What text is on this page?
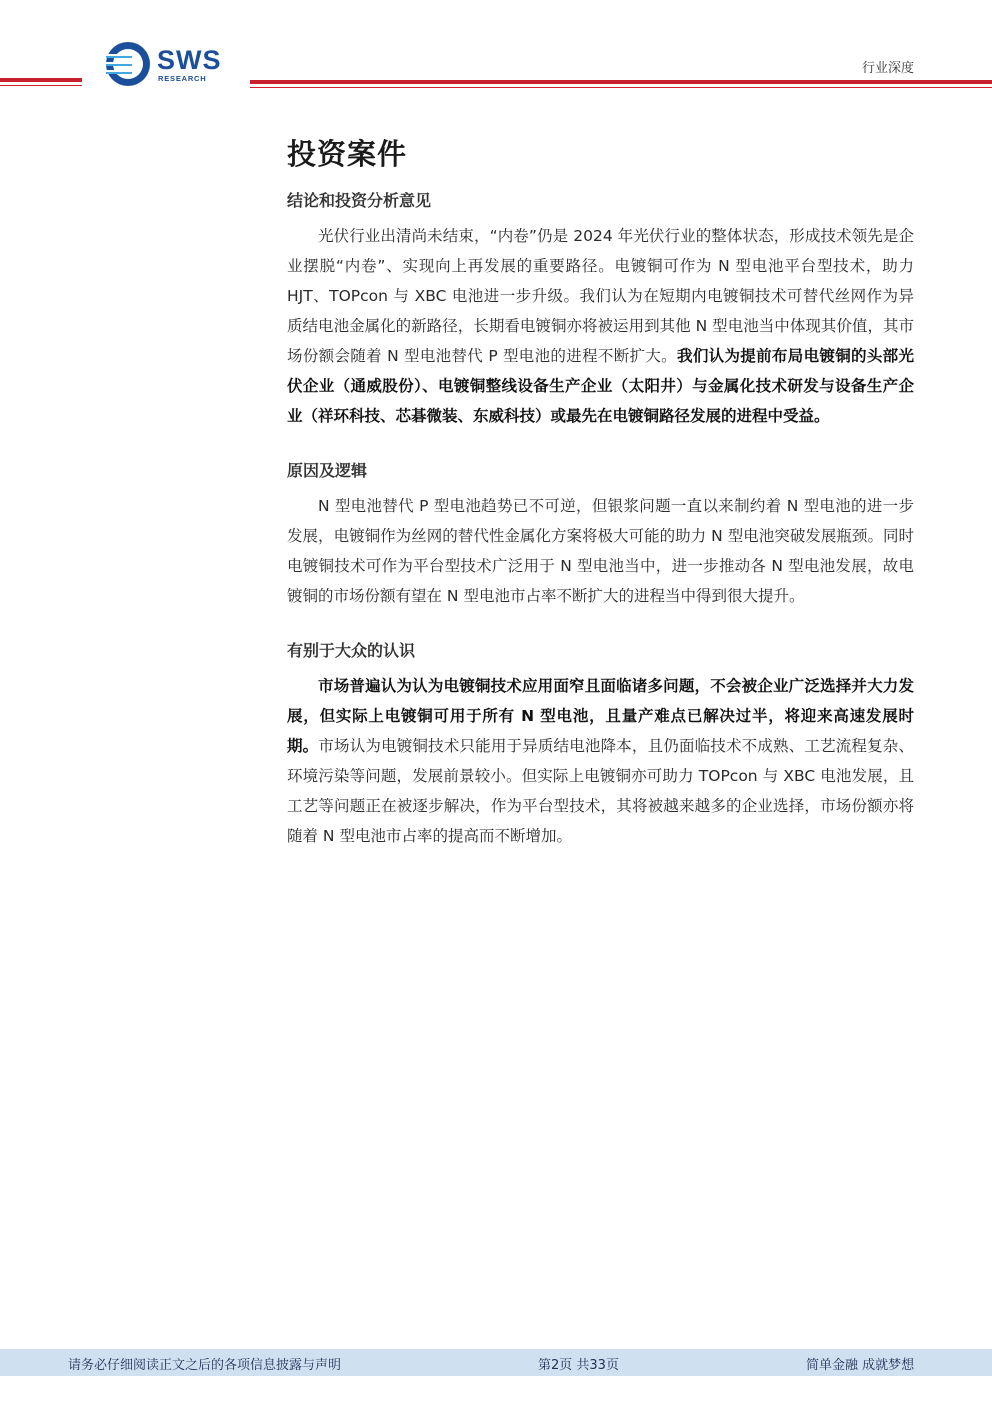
SWS
RESEARCH
行业深度
投资案件
结论和投资分析意见

光伏行业出清尚未结束，“内卷”仍是 2024 年光伏行业的整体状态，形成技术领先是企业摆脱“内卷”、实现向上再发展的重要路径。电镀铜可作为 N 型电池平台型技术，助力 HJT、TOPcon 与 XBC 电池进一步升级。我们认为在短期内电镀铜技术可替代丝网作为异质结电池金属化的新路径，长期看电镀铜亦将被运用到其他 N 型电池当中体现其价值，其市场份额会随着 N 型电池替代 P 型电池的进程不断扩大。我们认为提前布局电镀铜的头部光伏企业（通威股份）、电镀铜整线设备生产企业（太阳井）与金属化技术研发与设备生产企业（祥环科技、芯碁微装、东威科技）或最先在电镀铜路径发展的进程中受益。

原因及逻辑

N 型电池替代 P 型电池趋势已不可逆，但银浆问题一直以来制约着 N 型电池的进一步发展，电镀铜作为丝网的替代性金属化方案将极大可能的助力 N 型电池突破发展瓶颈。同时电镀铜技术可作为平台型技术广泛用于 N 型电池当中，进一步推动各 N 型电池发展，故电镀铜的市场份额有望在 N 型电池市占率不断扩大的进程当中得到很大提升。

有别于大众的认识

市场普遍认为认为电镀铜技术应用面窄且面临诸多问题，不会被企业广泛选择并大力发展，但实际上电镀铜可用于所有 N 型电池，且量产难点已解决过半，将迎来高速发展时期。市场认为电镀铜技术只能用于异质结电池降本，且仍面临技术不成熟、工艺流程复杂、环境污染等问题，发展前景较小。但实际上电镀铜亦可助力 TOPcon 与 XBC 电池发展，且工艺等问题正在被逐步解决，作为平台型技术，其将被越来越多的企业选择，市场份额亦将随着 N 型电池市占率的提高而不断增加。

请务必仔细阅读正文之后的各项信息披露与声明	第2页 共33页	简单金融 成就梦想
